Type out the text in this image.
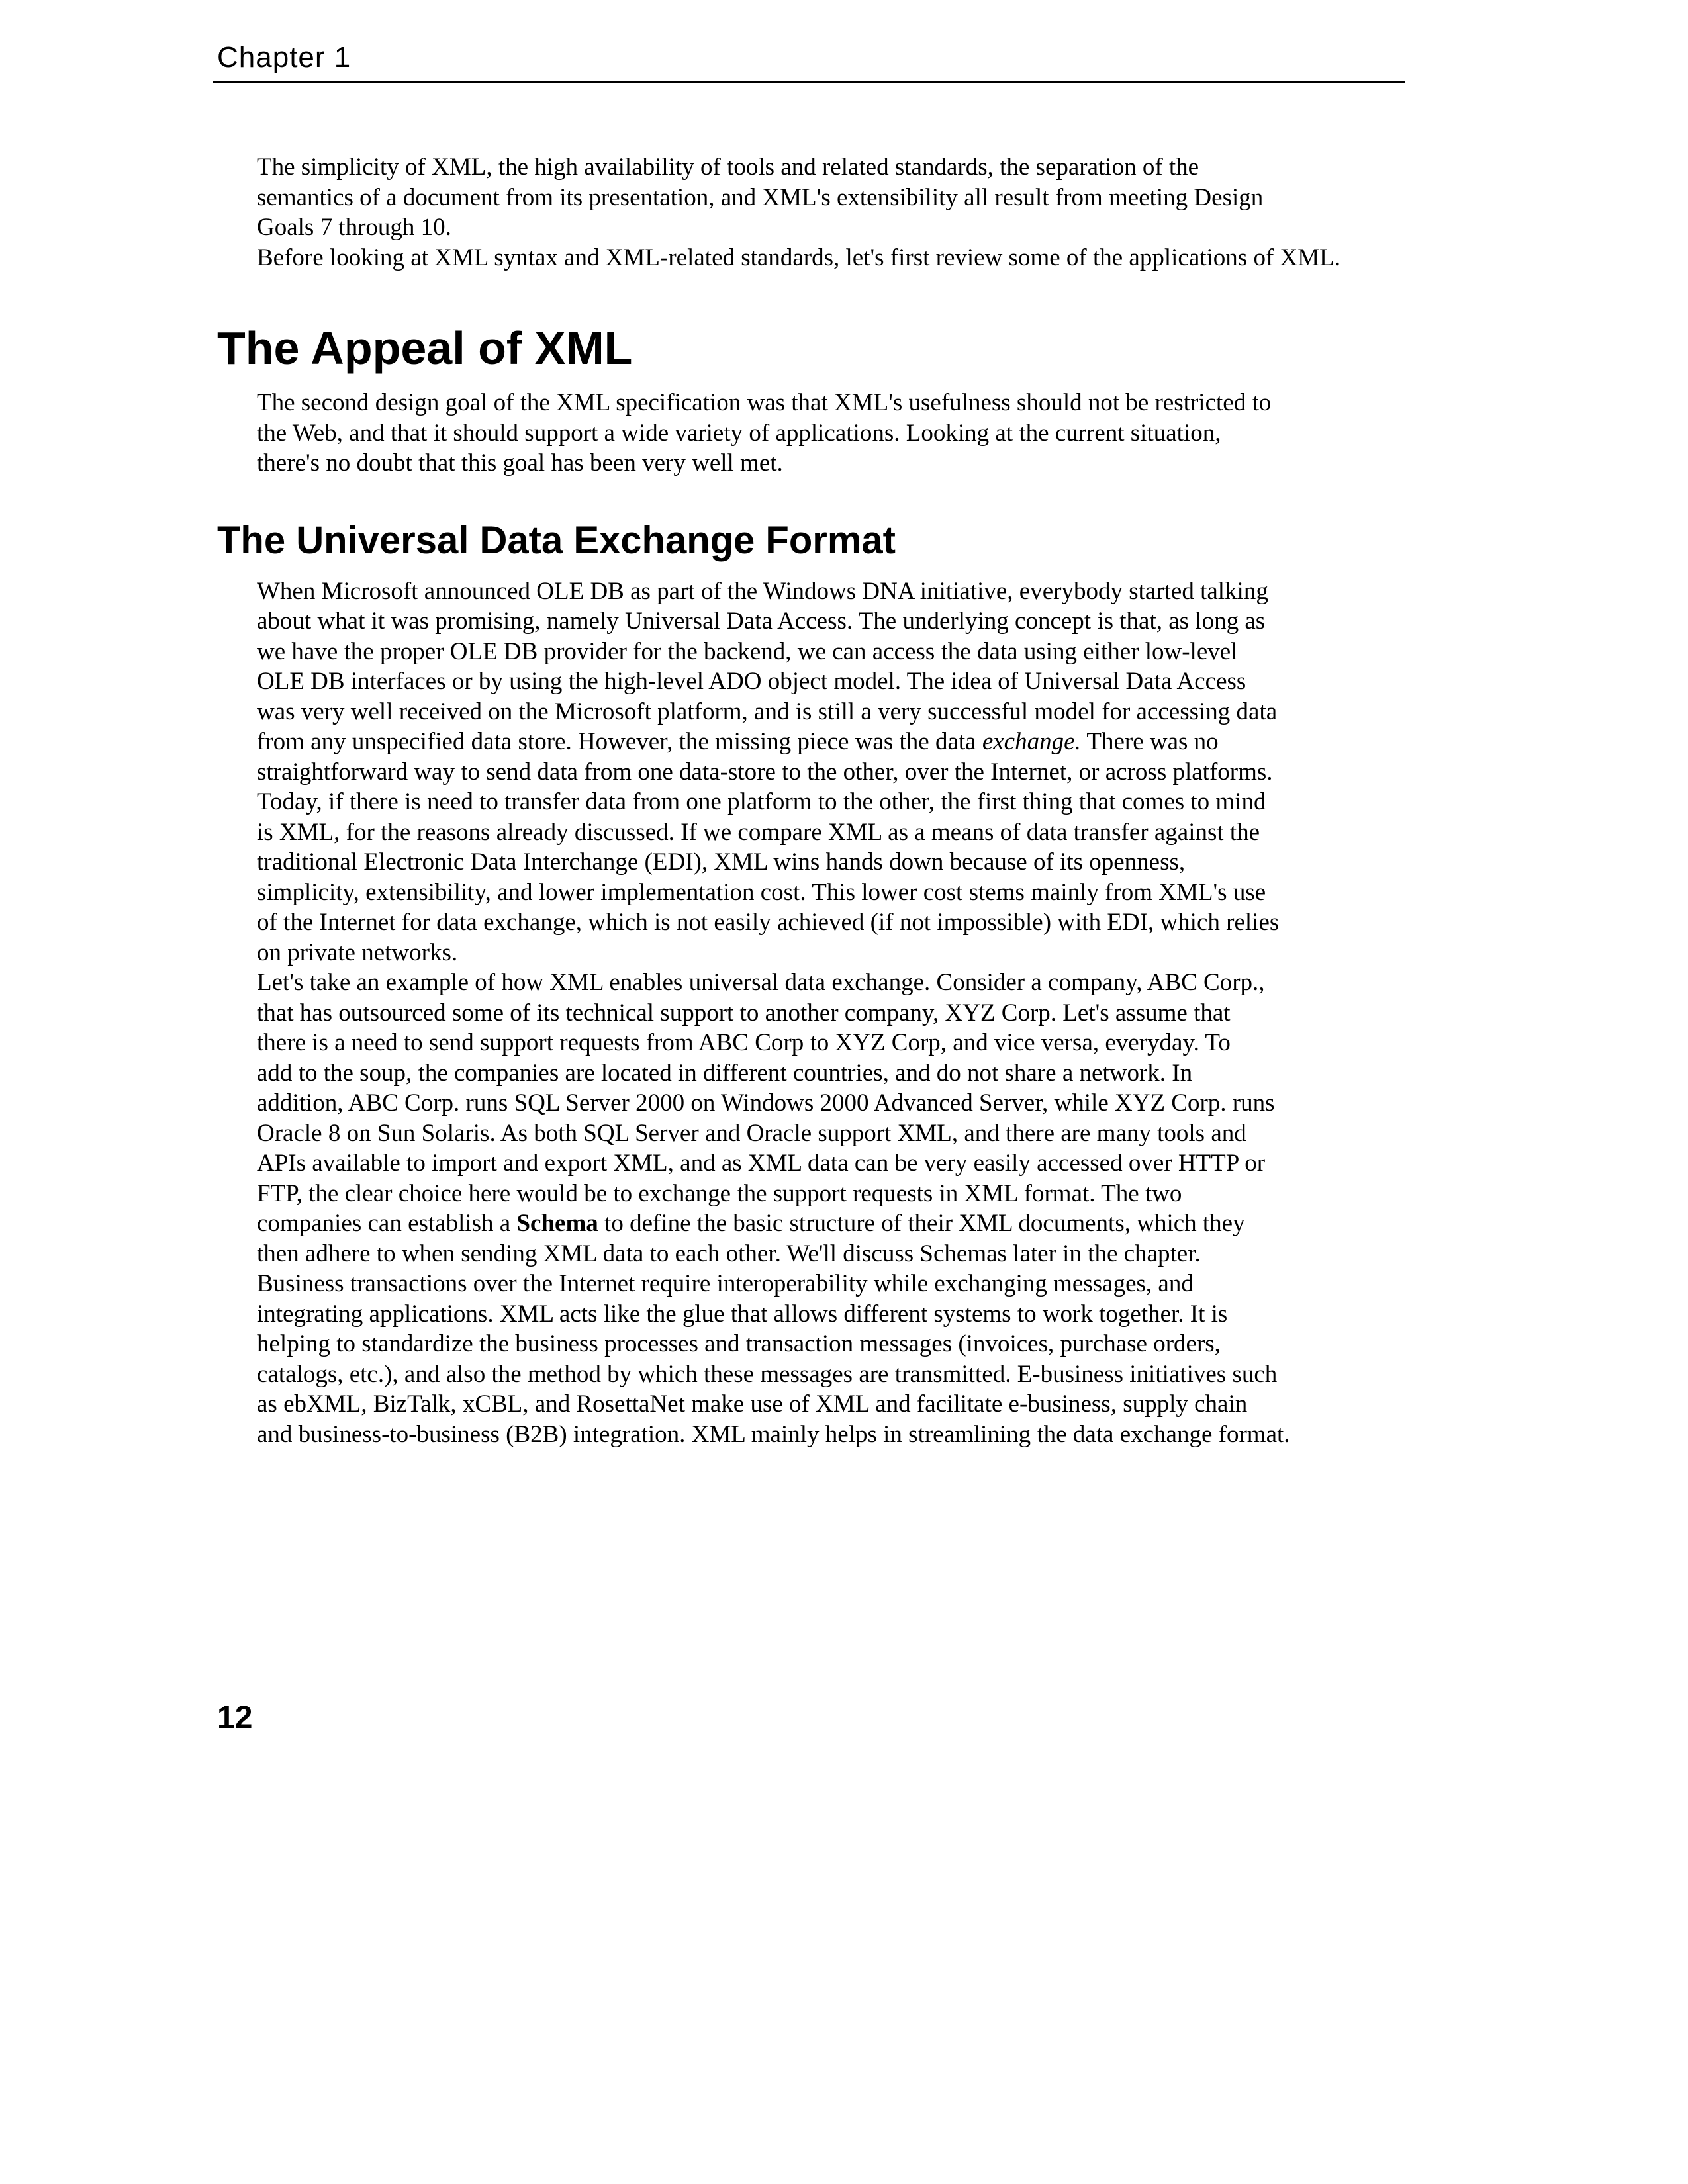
Chapter 1

The simplicity of XML, the high availability of tools and related standards, the separation of the
semantics of a document from its presentation, and XML's extensibility all result from meeting Design
Goals 7 through 10.

Before looking at XML syntax and XML-related standards, let's first review some of the applications of XML.

The Appeal of XML

The second design goal of the XML specification was that XML's usefulness should not be restricted to
the Web, and that it should support a wide variety of applications. Looking at the current situation,
there's no doubt that this goal has been very well met.

The Universal Data Exchange Format

When Microsoft announced OLE DB as part of the Windows DNA initiative, everybody started talking
about what it was promising, namely Universal Data Access. The underlying concept is that, as long as
we have the proper OLE DB provider for the backend, we can access the data using either low-level
OLE DB interfaces or by using the high-level ADO object model. The idea of Universal Data Access
was very well received on the Microsoft platform, and is still a very successful model for accessing data
from any unspecified data store. However, the missing piece was the data exchange. There was no
straightforward way to send data from one data-store to the other, over the Internet, or across platforms.

Today, if there is need to transfer data from one platform to the other, the first thing that comes to mind
is XML, for the reasons already discussed. If we compare XML as a means of data transfer against the
traditional Electronic Data Interchange (EDI), XML wins hands down because of its openness,
simplicity, extensibility, and lower implementation cost. This lower cost stems mainly from XML's use
of the Internet for data exchange, which is not easily achieved (if not impossible) with EDI, which relies
on private networks.

Let's take an example of how XML enables universal data exchange. Consider a company, ABC Corp.,
that has outsourced some of its technical support to another company, XYZ Corp. Let's assume that
there is a need to send support requests from ABC Corp to XYZ Corp, and vice versa, everyday. To
add to the soup, the companies are located in different countries, and do not share a network. In
addition, ABC Corp. runs SQL Server 2000 on Windows 2000 Advanced Server, while XYZ Corp. runs
Oracle 8 on Sun Solaris. As both SQL Server and Oracle support XML, and there are many tools and
APIs available to import and export XML, and as XML data can be very easily accessed over HTTP or
FTP, the clear choice here would be to exchange the support requests in XML format. The two
companies can establish a Schema to define the basic structure of their XML documents, which they
then adhere to when sending XML data to each other. We'll discuss Schemas later in the chapter.

Business transactions over the Internet require interoperability while exchanging messages, and
integrating applications. XML acts like the glue that allows different systems to work together. It is
helping to standardize the business processes and transaction messages (invoices, purchase orders,
catalogs, etc.), and also the method by which these messages are transmitted. E-business initiatives such
as ebXML, BizTalk, xCBL, and RosettaNet make use of XML and facilitate e-business, supply chain
and business-to-business (B2B) integration. XML mainly helps in streamlining the data exchange format.

12
